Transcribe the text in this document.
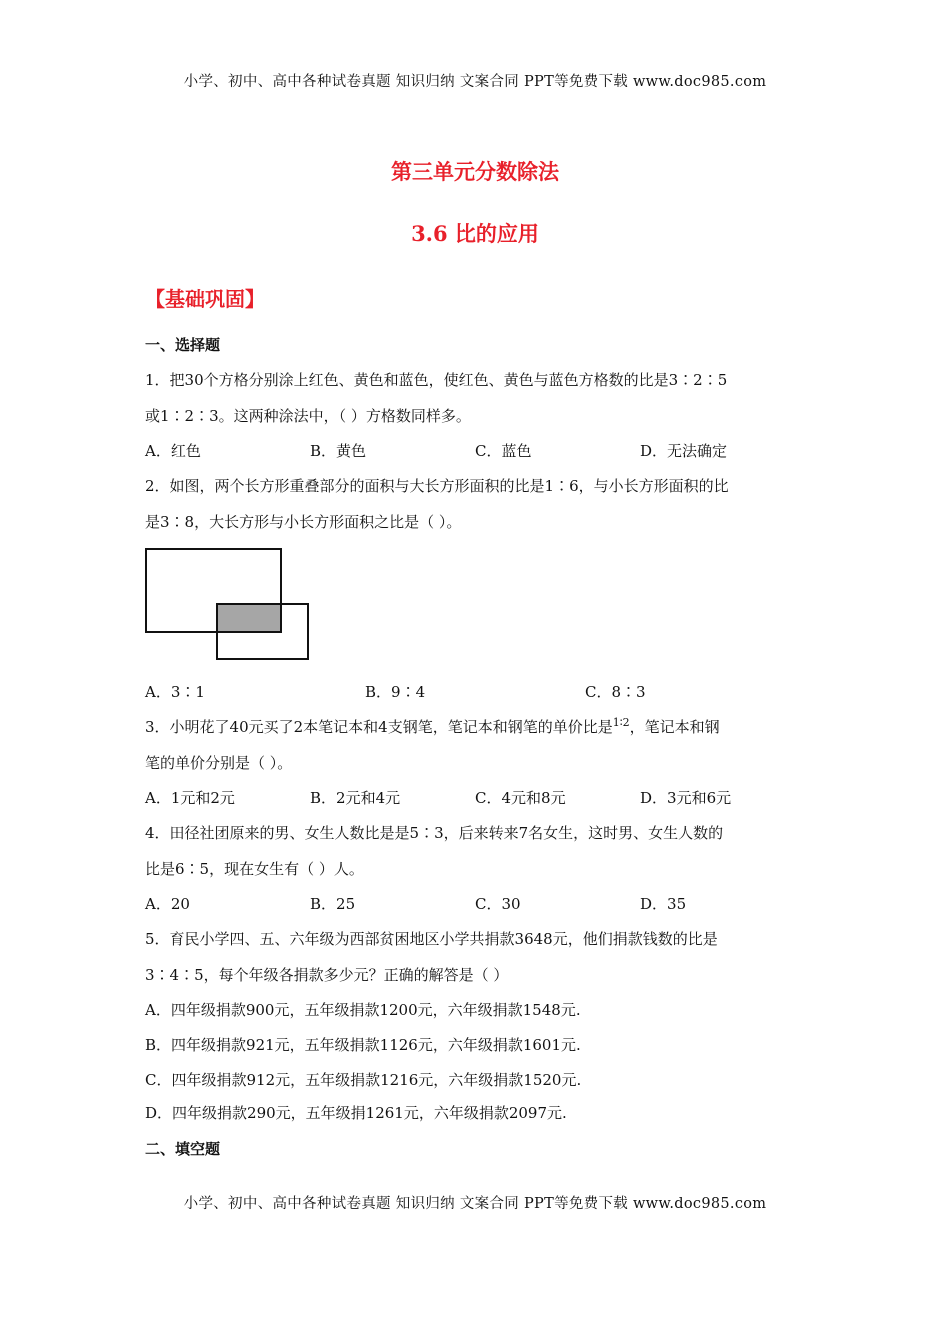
小学、初中、高中各种试卷真题 知识归纳 文案合同 PPT等免费下载 www.doc985.com
第三单元分数除法
3.6 比的应用
【基础巩固】
一、选择题
1．把30个方格分别涂上红色、黄色和蓝色，使红色、黄色与蓝色方格数的比是3∶2∶5
或1∶2∶3。这两种涂法中，（ ）方格数同样多。
A．红色	B．黄色	C．蓝色	D．无法确定
2．如图，两个长方形重叠部分的面积与大长方形面积的比是1∶6，与小长方形面积的比
是3∶8，大长方形与小长方形面积之比是（ ）。
A．3∶1	B．9∶4	C．8∶3
3．小明花了40元买了2本笔记本和4支钢笔，笔记本和钢笔的单价比是$^{1∶2}$，笔记本和钢
笔的单价分别是（ ）。
A．1元和2元	B．2元和4元	C．4元和8元	D．3元和6元
4．田径社团原来的男、女生人数比是是5∶3，后来转来7名女生，这时男、女生人数的
比是6∶5，现在女生有（ ）人。
A．20	B．25	C．30	D．35
5．育民小学四、五、六年级为西部贫困地区小学共捐款3648元，他们捐款钱数的比是
3∶4∶5，每个年级各捐款多少元？正确的解答是（ ）
A．四年级捐款900元，五年级捐款1200元，六年级捐款1548元.
B．四年级捐款921元，五年级捐款1126元，六年级捐款1601元.
C．四年级捐款912元，五年级捐款1216元，六年级捐款1520元.
D．四年级捐款290元，五年级捐1261元，六年级捐款2097元.
二、填空题
小学、初中、高中各种试卷真题 知识归纳 文案合同 PPT等免费下载 www.doc985.com
